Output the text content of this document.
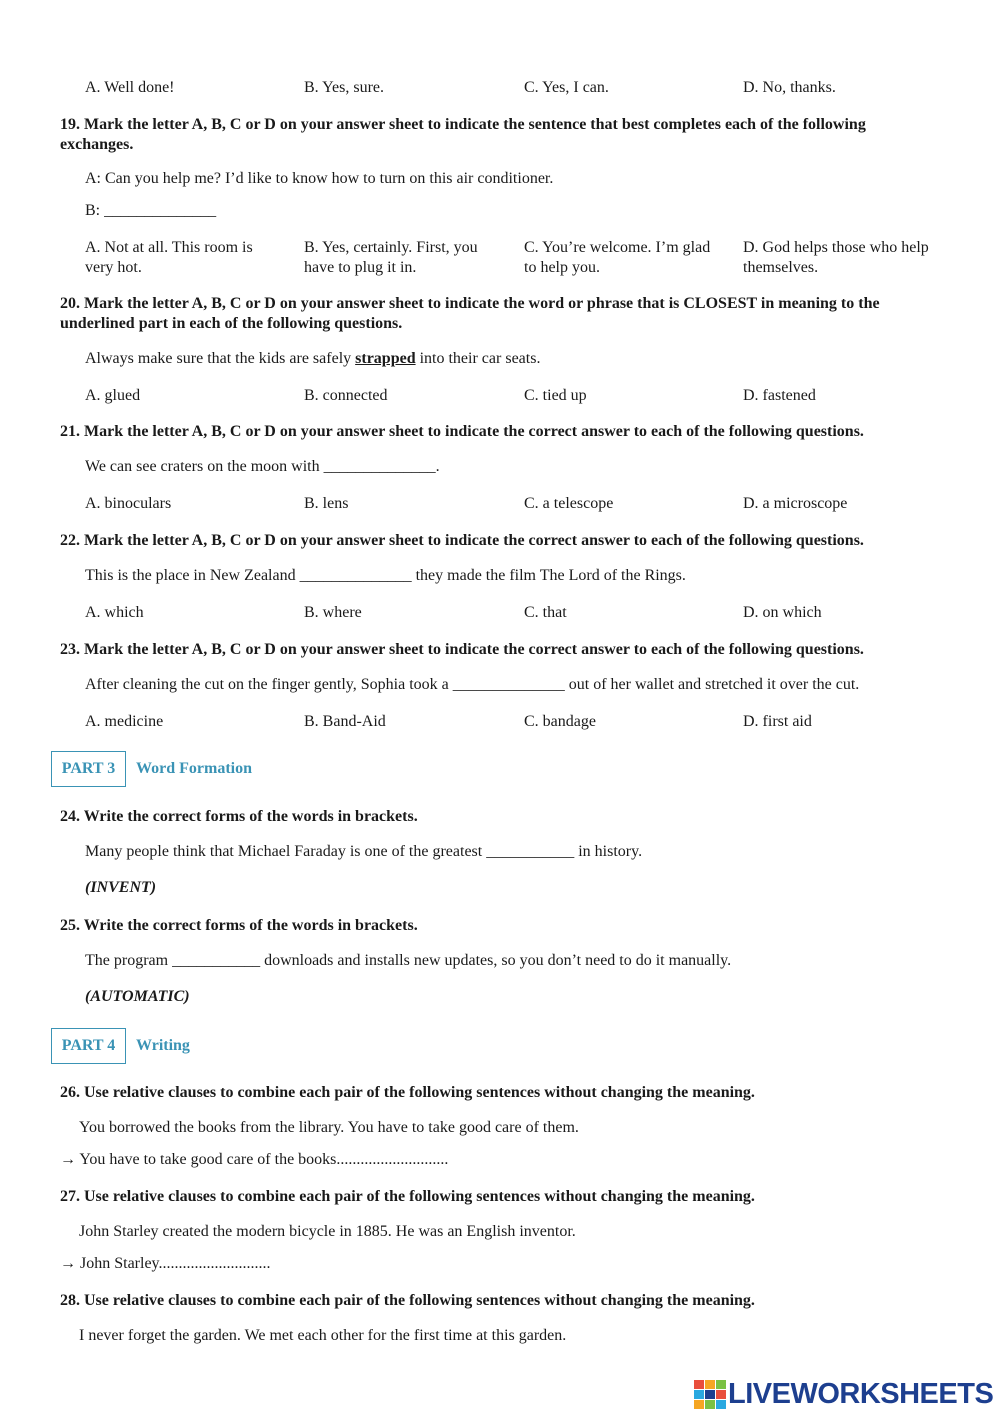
A. Well done!	B. Yes, sure.	C. Yes, I can.	D. No, thanks.
19. Mark the letter A, B, C or D on your answer sheet to indicate the sentence that best completes each of the following exchanges.
A: Can you help me? I’d like to know how to turn on this air conditioner.
B: ______________
A. Not at all. This room is very hot.
B. Yes, certainly. First, you have to plug it in.
C. You’re welcome. I’m glad to help you.
D. God helps those who help themselves.
20. Mark the letter A, B, C or D on your answer sheet to indicate the word or phrase that is CLOSEST in meaning to the underlined part in each of the following questions.
Always make sure that the kids are safely strapped into their car seats.
A. glued	B. connected	C. tied up	D. fastened
21. Mark the letter A, B, C or D on your answer sheet to indicate the correct answer to each of the following questions.
We can see craters on the moon with ______________.
A. binoculars	B. lens	C. a telescope	D. a microscope
22. Mark the letter A, B, C or D on your answer sheet to indicate the correct answer to each of the following questions.
This is the place in New Zealand ______________ they made the film The Lord of the Rings.
A. which	B. where	C. that	D. on which
23. Mark the letter A, B, C or D on your answer sheet to indicate the correct answer to each of the following questions.
After cleaning the cut on the finger gently, Sophia took a ______________ out of her wallet and stretched it over the cut.
A. medicine	B. Band-Aid	C. bandage	D. first aid
PART 3	Word Formation
24. Write the correct forms of the words in brackets.
Many people think that Michael Faraday is one of the greatest ___________ in history.
(INVENT)
25. Write the correct forms of the words in brackets.
The program ___________ downloads and installs new updates, so you don’t need to do it manually.
(AUTOMATIC)
PART 4	Writing
26. Use relative clauses to combine each pair of the following sentences without changing the meaning.
You borrowed the books from the library. You have to take good care of them.
→ You have to take good care of the books............................
27. Use relative clauses to combine each pair of the following sentences without changing the meaning.
John Starley created the modern bicycle in 1885. He was an English inventor.
→ John Starley............................
28. Use relative clauses to combine each pair of the following sentences without changing the meaning.
I never forget the garden. We met each other for the first time at this garden.
LIVEWORKSHEETS
